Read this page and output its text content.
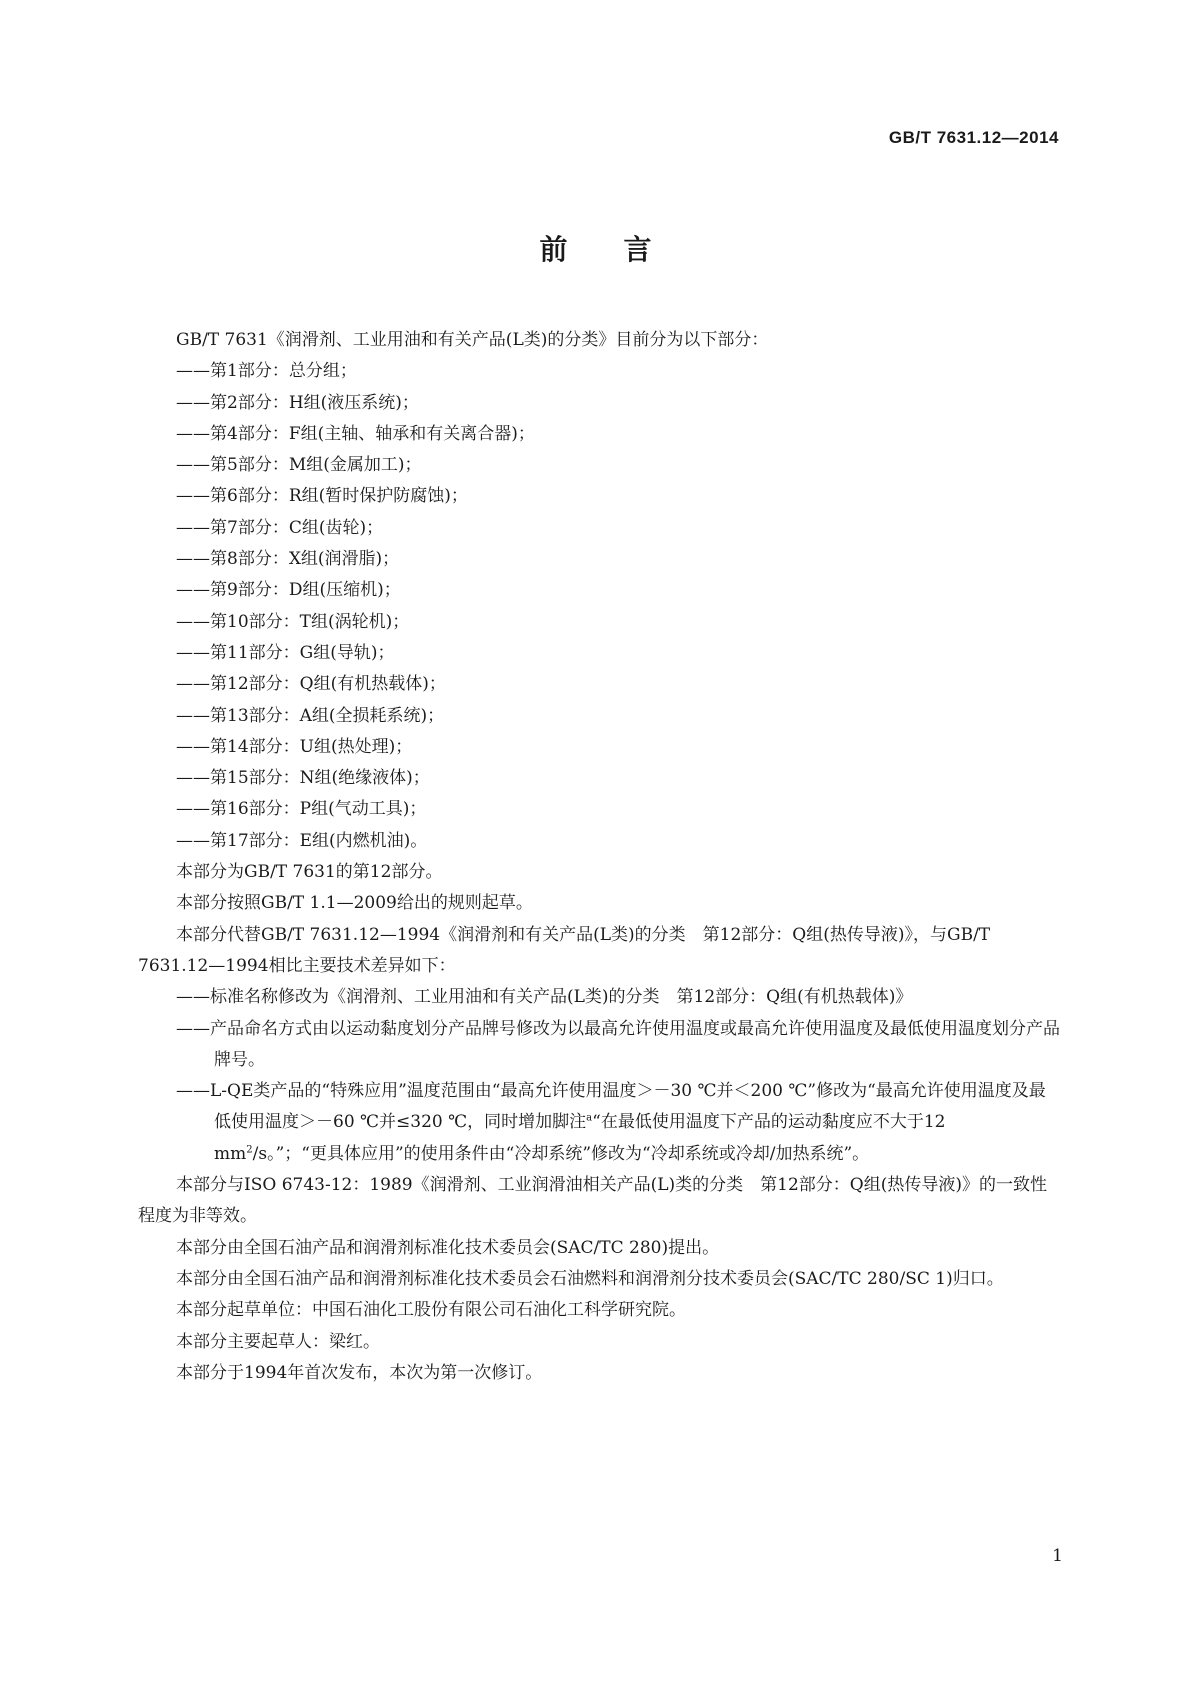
GB/T 7631.12—2014
前 言

GB/T 7631《润滑剂、工业用油和有关产品(L类)的分类》目前分为以下部分：

——第1部分：总分组；

——第2部分：H组(液压系统)；

——第4部分：F组(主轴、轴承和有关离合器)；

——第5部分：M组(金属加工)；

——第6部分：R组(暂时保护防腐蚀)；

——第7部分：C组(齿轮)；

——第8部分：X组(润滑脂)；

——第9部分：D组(压缩机)；

——第10部分：T组(涡轮机)；

——第11部分：G组(导轨)；

——第12部分：Q组(有机热载体)；

——第13部分：A组(全损耗系统)；

——第14部分：U组(热处理)；

——第15部分：N组(绝缘液体)；

——第16部分：P组(气动工具)；

——第17部分：E组(内燃机油)。

本部分为GB/T 7631的第12部分。

本部分按照GB/T 1.1—2009给出的规则起草。

本部分代替GB/T 7631.12—1994《润滑剂和有关产品(L类)的分类　第12部分：Q组(热传导液)》，与GB/T 7631.12—1994相比主要技术差异如下：

——标准名称修改为《润滑剂、工业用油和有关产品(L类)的分类　第12部分：Q组(有机热载体)》

——产品命名方式由以运动黏度划分产品牌号修改为以最高允许使用温度或最高允许使用温度及最低使用温度划分产品牌号。

——L-QE类产品的“特殊应用”温度范围由“最高允许使用温度＞－30 ℃并＜200 ℃”修改为“最高允许使用温度及最低使用温度＞－60 ℃并≤320 ℃，同时增加脚注$^a$“在最低使用温度下产品的运动黏度应不大于12 $mm^2/s$。”；“更具体应用”的使用条件由“冷却系统”修改为“冷却系统或冷却/加热系统”。

本部分与ISO 6743-12：1989《润滑剂、工业润滑油相关产品(L)类的分类　第12部分：Q组(热传导液)》的一致性程度为非等效。

本部分由全国石油产品和润滑剂标准化技术委员会(SAC/TC 280)提出。

本部分由全国石油产品和润滑剂标准化技术委员会石油燃料和润滑剂分技术委员会(SAC/TC 280/SC 1)归口。

本部分起草单位：中国石油化工股份有限公司石油化工科学研究院。

本部分主要起草人：梁红。

本部分于1994年首次发布，本次为第一次修订。

1
